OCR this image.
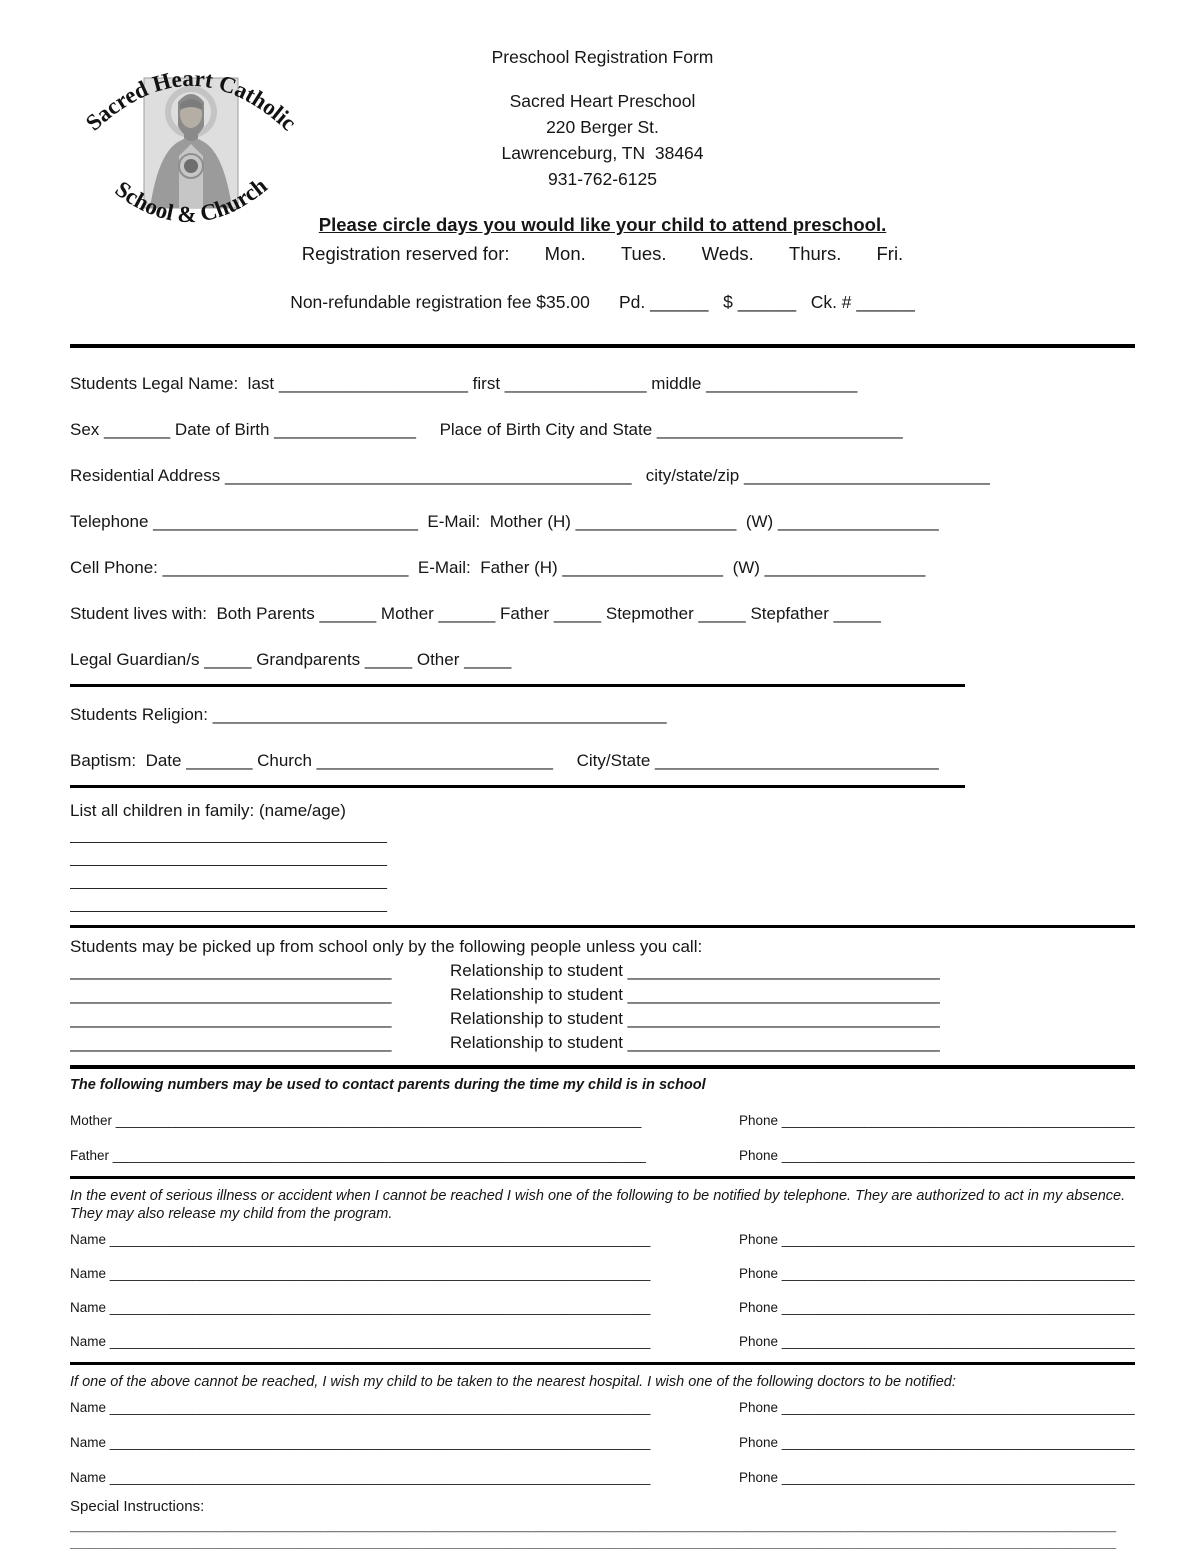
Sacred Heart Catholic
School & Church
Preschool Registration Form
Sacred Heart Preschool
220 Berger St.
Lawrenceburg, TN  38464
931-762-6125
Please circle days you would like your child to attend preschool.
Registration reserved for: Mon. Tues. Weds. Thurs. Fri.
Non-refundable registration fee $35.00      Pd. ______   $ ______   Ck. # ______
Students Legal Name:  last ____________________ first _______________ middle ________________
Sex _______ Date of Birth _______________     Place of Birth City and State __________________________
Residential Address ___________________________________________   city/state/zip __________________________
Telephone ____________________________  E-Mail:  Mother (H) _________________  (W) _________________
Cell Phone: __________________________  E-Mail:  Father (H) _________________  (W) _________________
Student lives with:  Both Parents ______ Mother ______ Father _____ Stepmother _____ Stepfather _____
Legal Guardian/s _____ Grandparents _____ Other _____
Students Religion: ________________________________________________
Baptism:  Date _______ Church _________________________     City/State ______________________________
List all children in family: (name/age)
______________________________________
______________________________________
______________________________________
______________________________________
Students may be picked up from school only by the following people unless you call:
__________________________________	Relationship to student _________________________________
__________________________________	Relationship to student _________________________________
__________________________________	Relationship to student _________________________________
__________________________________	Relationship to student _________________________________
The following numbers may be used to contact parents during the time my child is in school
Mother ______________________________________________________________________	Phone _______________________________________________
Father _______________________________________________________________________	Phone _______________________________________________
In the event of serious illness or accident when I cannot be reached I wish one of the following to be notified by telephone. They are authorized to act in my absence. They may also release my child from the program.
Name ________________________________________________________________________	Phone _______________________________________________
Name ________________________________________________________________________	Phone _______________________________________________
Name ________________________________________________________________________	Phone _______________________________________________
Name ________________________________________________________________________	Phone _______________________________________________
If one of the above cannot be reached, I wish my child to be taken to the nearest hospital. I wish one of the following doctors to be notified:
Name ________________________________________________________________________	Phone _______________________________________________
Name ________________________________________________________________________	Phone _______________________________________________
Name ________________________________________________________________________	Phone _______________________________________________
Special Instructions:
___________________________________________________________________________________________________________________________________________________________________________
___________________________________________________________________________________________________________________________________________________________________________
